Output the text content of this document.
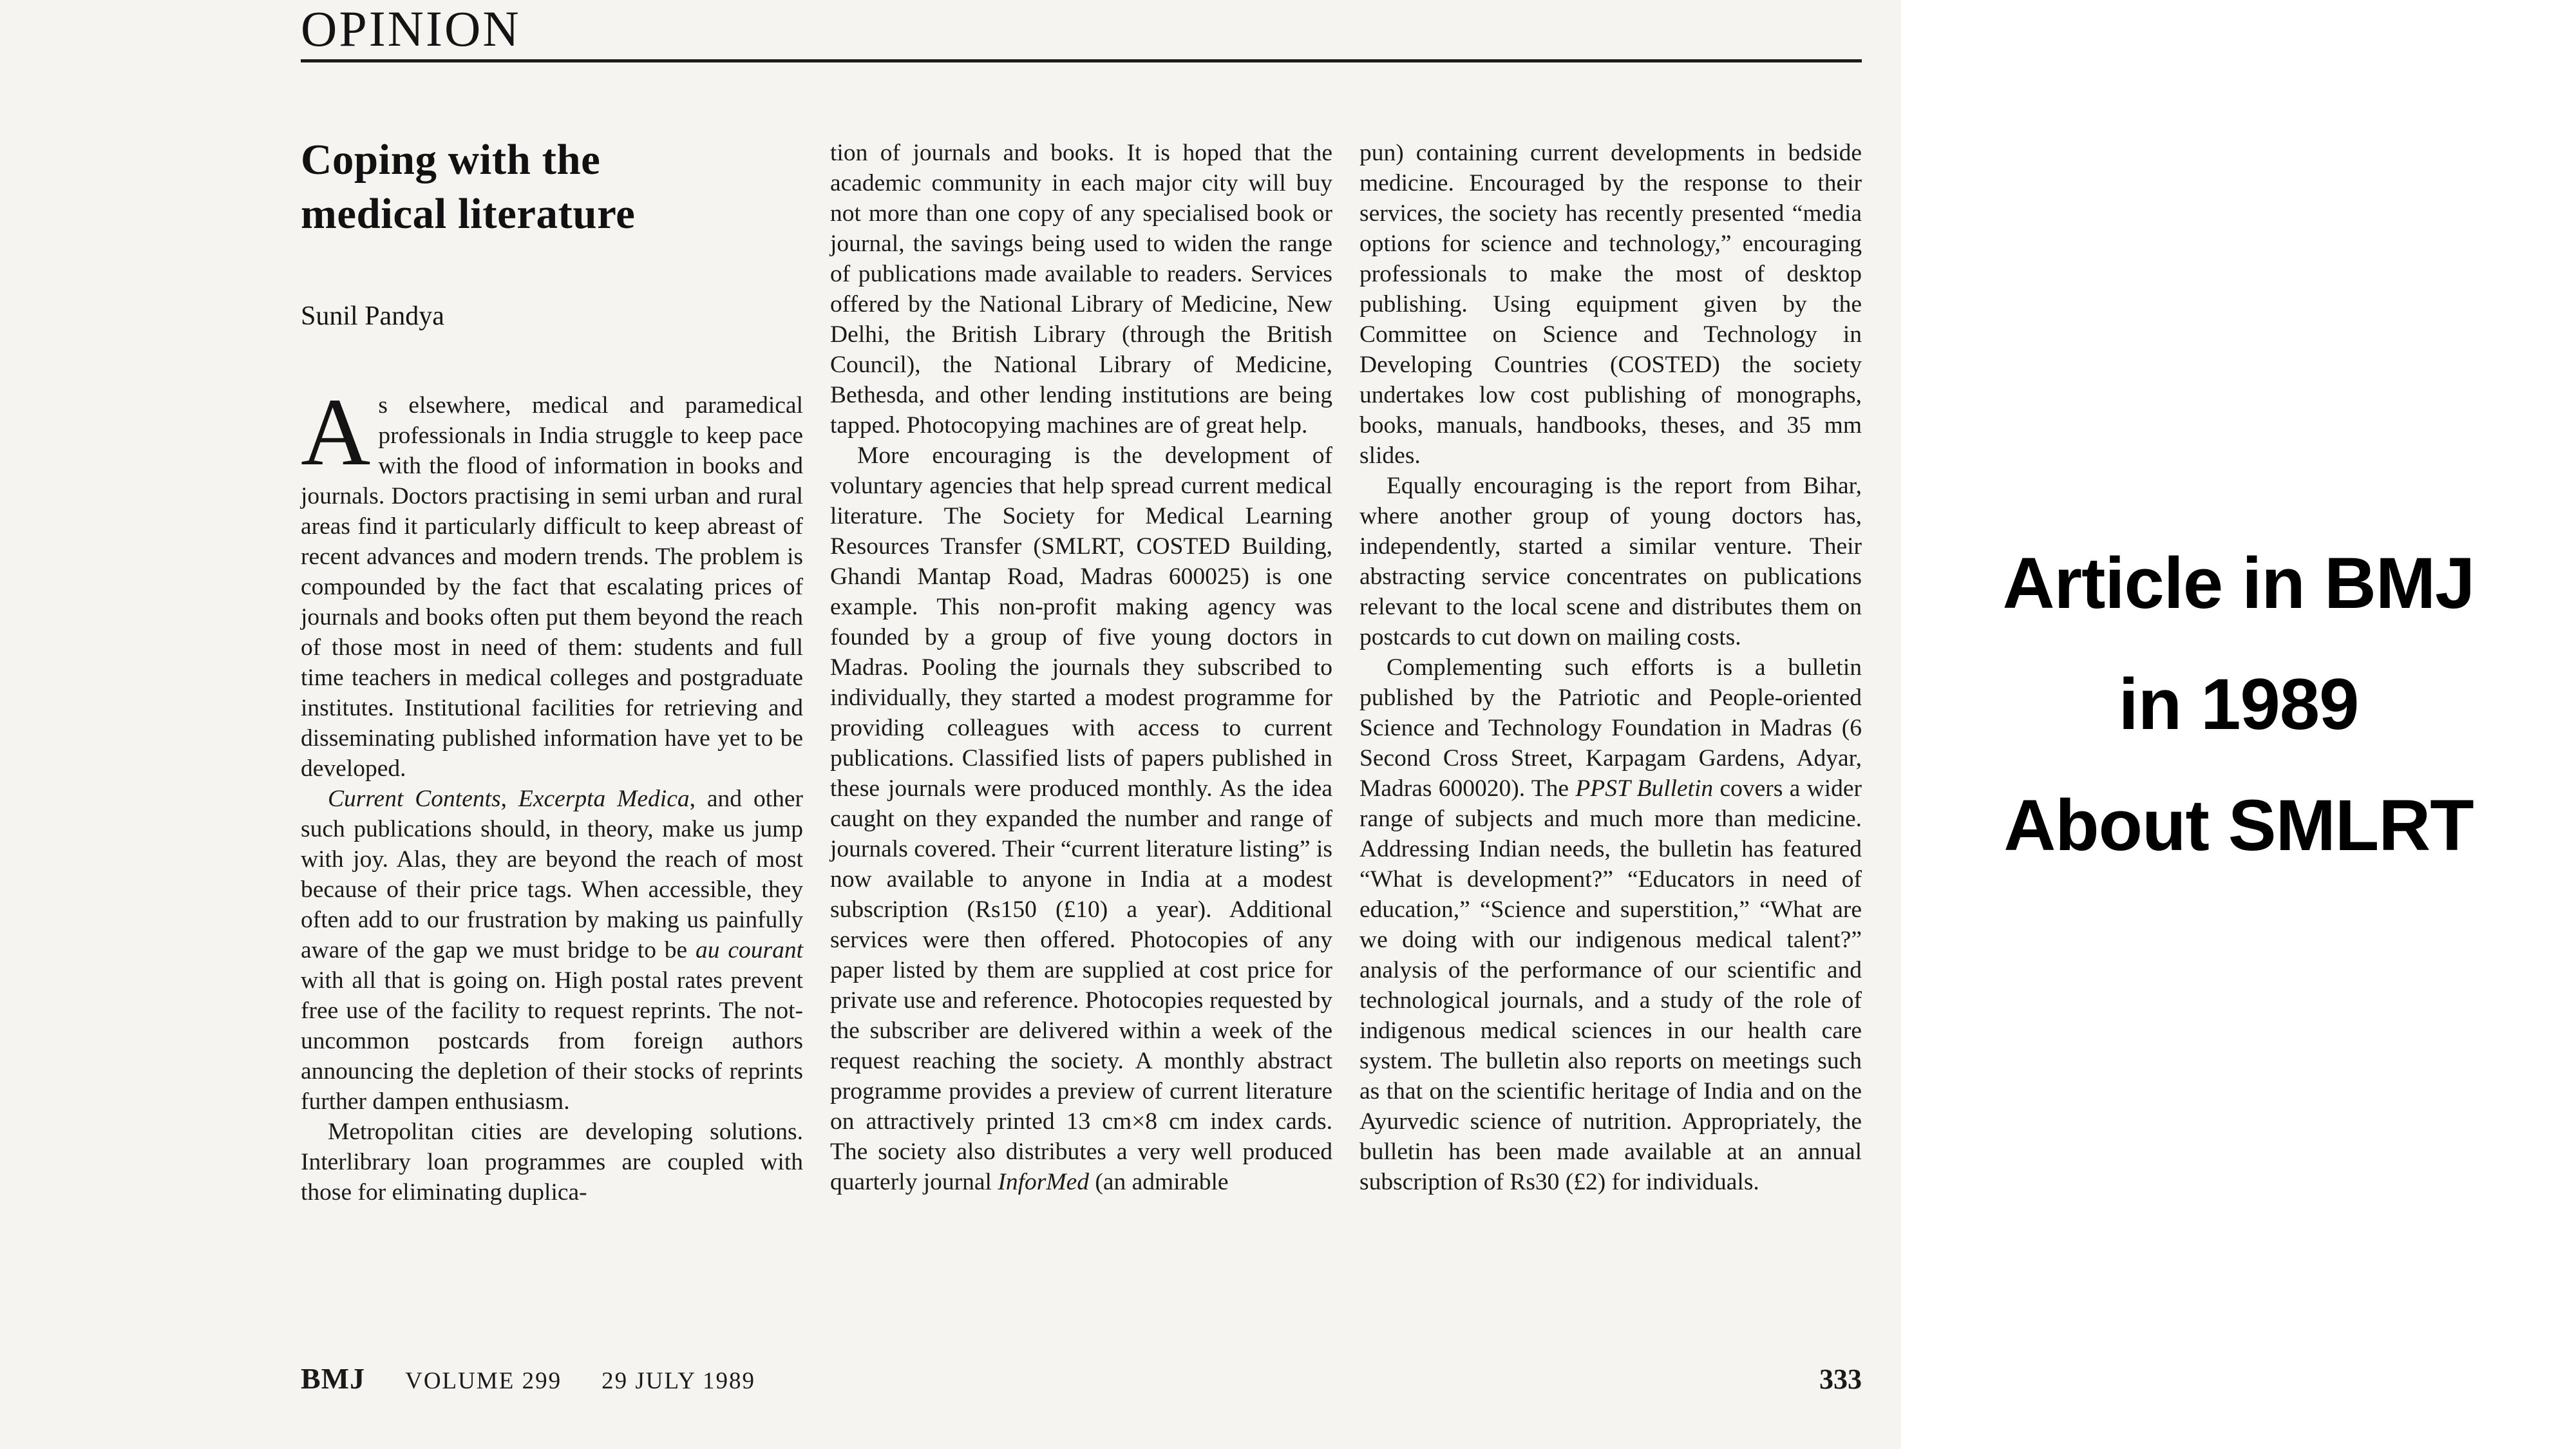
OPINION
Coping with the
medical literature
Sunil Pandya

As elsewhere, medical and paramedical professionals in India struggle to keep pace with the flood of information in books and journals. Doctors practising in semi urban and rural areas find it particularly difficult to keep abreast of recent advances and modern trends. The problem is compounded by the fact that escalating prices of journals and books often put them beyond the reach of those most in need of them: students and full time teachers in medical colleges and postgraduate institutes. Institutional facilities for retrieving and disseminating published information have yet to be developed.

Current Contents, Excerpta Medica, and other such publications should, in theory, make us jump with joy. Alas, they are beyond the reach of most because of their price tags. When accessible, they often add to our frustration by making us painfully aware of the gap we must bridge to be au courant with all that is going on. High postal rates prevent free use of the facility to request reprints. The not-uncommon postcards from foreign authors announcing the depletion of their stocks of reprints further dampen enthusiasm.

Metropolitan cities are developing solutions. Interlibrary loan programmes are coupled with those for eliminating duplica-

tion of journals and books. It is hoped that the academic community in each major city will buy not more than one copy of any specialised book or journal, the savings being used to widen the range of publications made available to readers. Services offered by the National Library of Medicine, New Delhi, the British Library (through the British Council), the National Library of Medicine, Bethesda, and other lending institutions are being tapped. Photocopying machines are of great help.

More encouraging is the development of voluntary agencies that help spread current medical literature. The Society for Medical Learning Resources Transfer (SMLRT, COSTED Building, Ghandi Mantap Road, Madras 600025) is one example. This non-profit making agency was founded by a group of five young doctors in Madras. Pooling the journals they subscribed to individually, they started a modest programme for providing colleagues with access to current publications. Classified lists of papers published in these journals were produced monthly. As the idea caught on they expanded the number and range of journals covered. Their “current literature listing” is now available to anyone in India at a modest subscription (Rs150 (£10) a year). Additional services were then offered. Photocopies of any paper listed by them are supplied at cost price for private use and reference. Photocopies requested by the subscriber are delivered within a week of the request reaching the society. A monthly abstract programme provides a preview of current literature on attractively printed 13 cm×8 cm index cards. The society also distributes a very well produced quarterly journal InforMed (an admirable

pun) containing current developments in bedside medicine. Encouraged by the response to their services, the society has recently presented “media options for science and technology,” encouraging professionals to make the most of desktop publishing. Using equipment given by the Committee on Science and Technology in Developing Countries (COSTED) the society undertakes low cost publishing of monographs, books, manuals, handbooks, theses, and 35 mm slides.

Equally encouraging is the report from Bihar, where another group of young doctors has, independently, started a similar venture. Their abstracting service concentrates on publications relevant to the local scene and distributes them on postcards to cut down on mailing costs.

Complementing such efforts is a bulletin published by the Patriotic and People-oriented Science and Technology Foundation in Madras (6 Second Cross Street, Karpagam Gardens, Adyar, Madras 600020). The PPST Bulletin covers a wider range of subjects and much more than medicine. Addressing Indian needs, the bulletin has featured “What is development?” “Educators in need of education,” “Science and superstition,” “What are we doing with our indigenous medical talent?” analysis of the performance of our scientific and technological journals, and a study of the role of indigenous medical sciences in our health care system. The bulletin also reports on meetings such as that on the scientific heritage of India and on the Ayurvedic science of nutrition. Appropriately, the bulletin has been made available at an annual subscription of Rs30 (£2) for individuals.

BMJ VOLUME 299 29 JULY 1989	333
Article in BMJ
in 1989
About SMLRT
